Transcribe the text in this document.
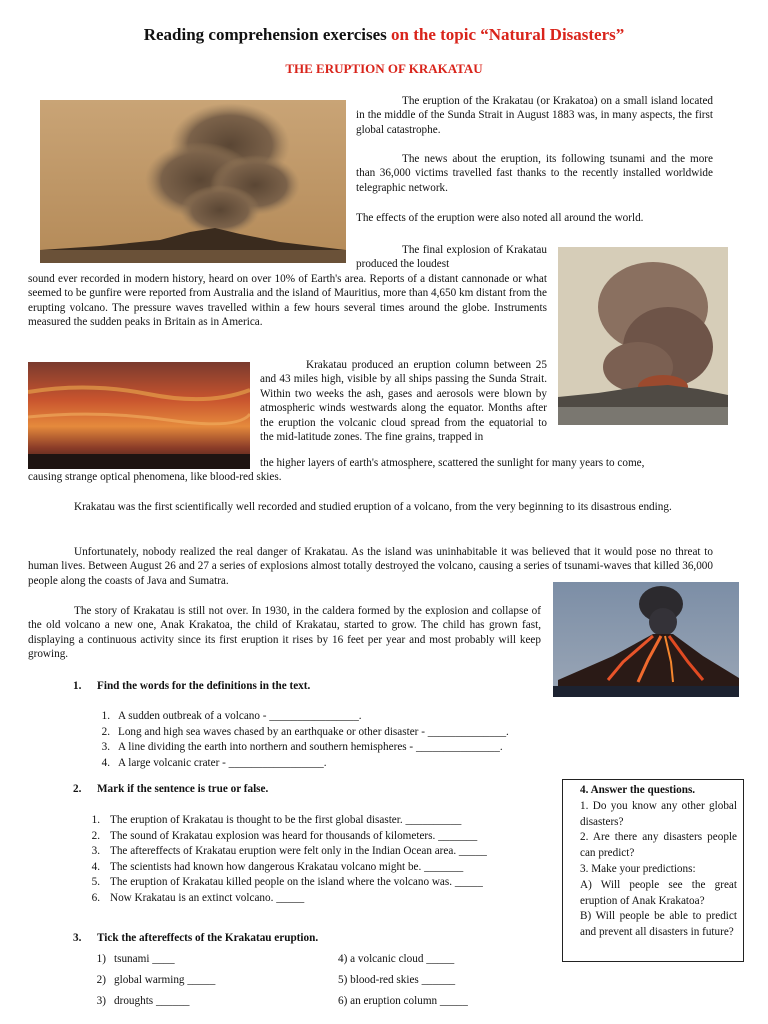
Reading comprehension exercises on the topic “Natural Disasters”
THE ERUPTION OF KRAKATAU

The eruption of the Krakatau (or Krakatoa) on a small island located in the middle of the Sunda Strait in August 1883 was, in many aspects, the first global catastrophe.

The news about the eruption, its following tsunami and the more than 36,000 victims travelled fast thanks to the recently installed worldwide telegraphic network.

The effects of the eruption were also noted all around the world.

The final explosion of Krakatau produced the loudest

sound ever recorded in modern history, heard on over 10% of Earth's area. Reports of a distant cannonade or what seemed to be gunfire were reported from Australia and the island of Mauritius, more than 4,650 km distant from the erupting volcano. The pressure waves travelled within a few hours several times around the globe. Instruments measured the sudden peaks in Britain as in America.

Krakatau produced an eruption column between 25 and 43 miles high, visible by all ships passing the Sunda Strait. Within two weeks the ash, gases and aerosols were blown by atmospheric winds westwards along the equator. Months after the eruption the volcanic cloud spread from the equatorial to the mid-latitude zones. The fine grains, trapped in

the higher layers of earth's atmosphere, scattered the sunlight for many years to come,

causing strange optical phenomena, like blood-red skies.

Krakatau was the first scientifically well recorded and studied eruption of a volcano, from the very beginning to its disastrous ending.

Unfortunately, nobody realized the real danger of Krakatau. As the island was uninhabitable it was believed that it would pose no threat to human lives. Between August 26 and 27 a series of explosions almost totally destroyed the volcano, causing a series of tsunami-waves that killed 36,000 people along the coasts of Java and Sumatra.

The story of Krakatau is still not over. In 1930, in the caldera formed by the explosion and collapse of the old volcano a new one, Anak Krakatoa, the child of Krakatau, started to grow. The child has grown fast, displaying a continuous activity since its first eruption it rises by 16 feet per year and most probably will keep growing.

1. Find the words for the definitions in the text.
1. A sudden outbreak of a volcano - ________________.
2. Long and high sea waves chased by an earthquake or other disaster - ______________.
3. A line dividing the earth into northern and southern hemispheres - _______________.
4. A large volcanic crater - _________________.
2. Mark if the sentence is true or false.
1. The eruption of Krakatau is thought to be the first global disaster. __________
2. The sound of Krakatau explosion was heard for thousands of kilometers. _______
3. The aftereffects of Krakatau eruption were felt only in the Indian Ocean area. _____
4. The scientists had known how dangerous Krakatau volcano might be. _______
5. The eruption of Krakatau killed people on the island where the volcano was. _____
6. Now Krakatau is an extinct volcano. _____
3. Tick the aftereffects of the Krakatau eruption.
1) tsunami ____
2) global warming _____
3) droughts ______
4) a volcanic cloud _____
5) blood-red skies ______
6) an eruption column _____
4. Answer the questions.

1. Do you know any other global disasters?

2. Are there any disasters people can predict?

3. Make your predictions:

A) Will people see the great eruption of Anak Krakatoa?

B) Will people be able to predict and prevent all disasters in future?
